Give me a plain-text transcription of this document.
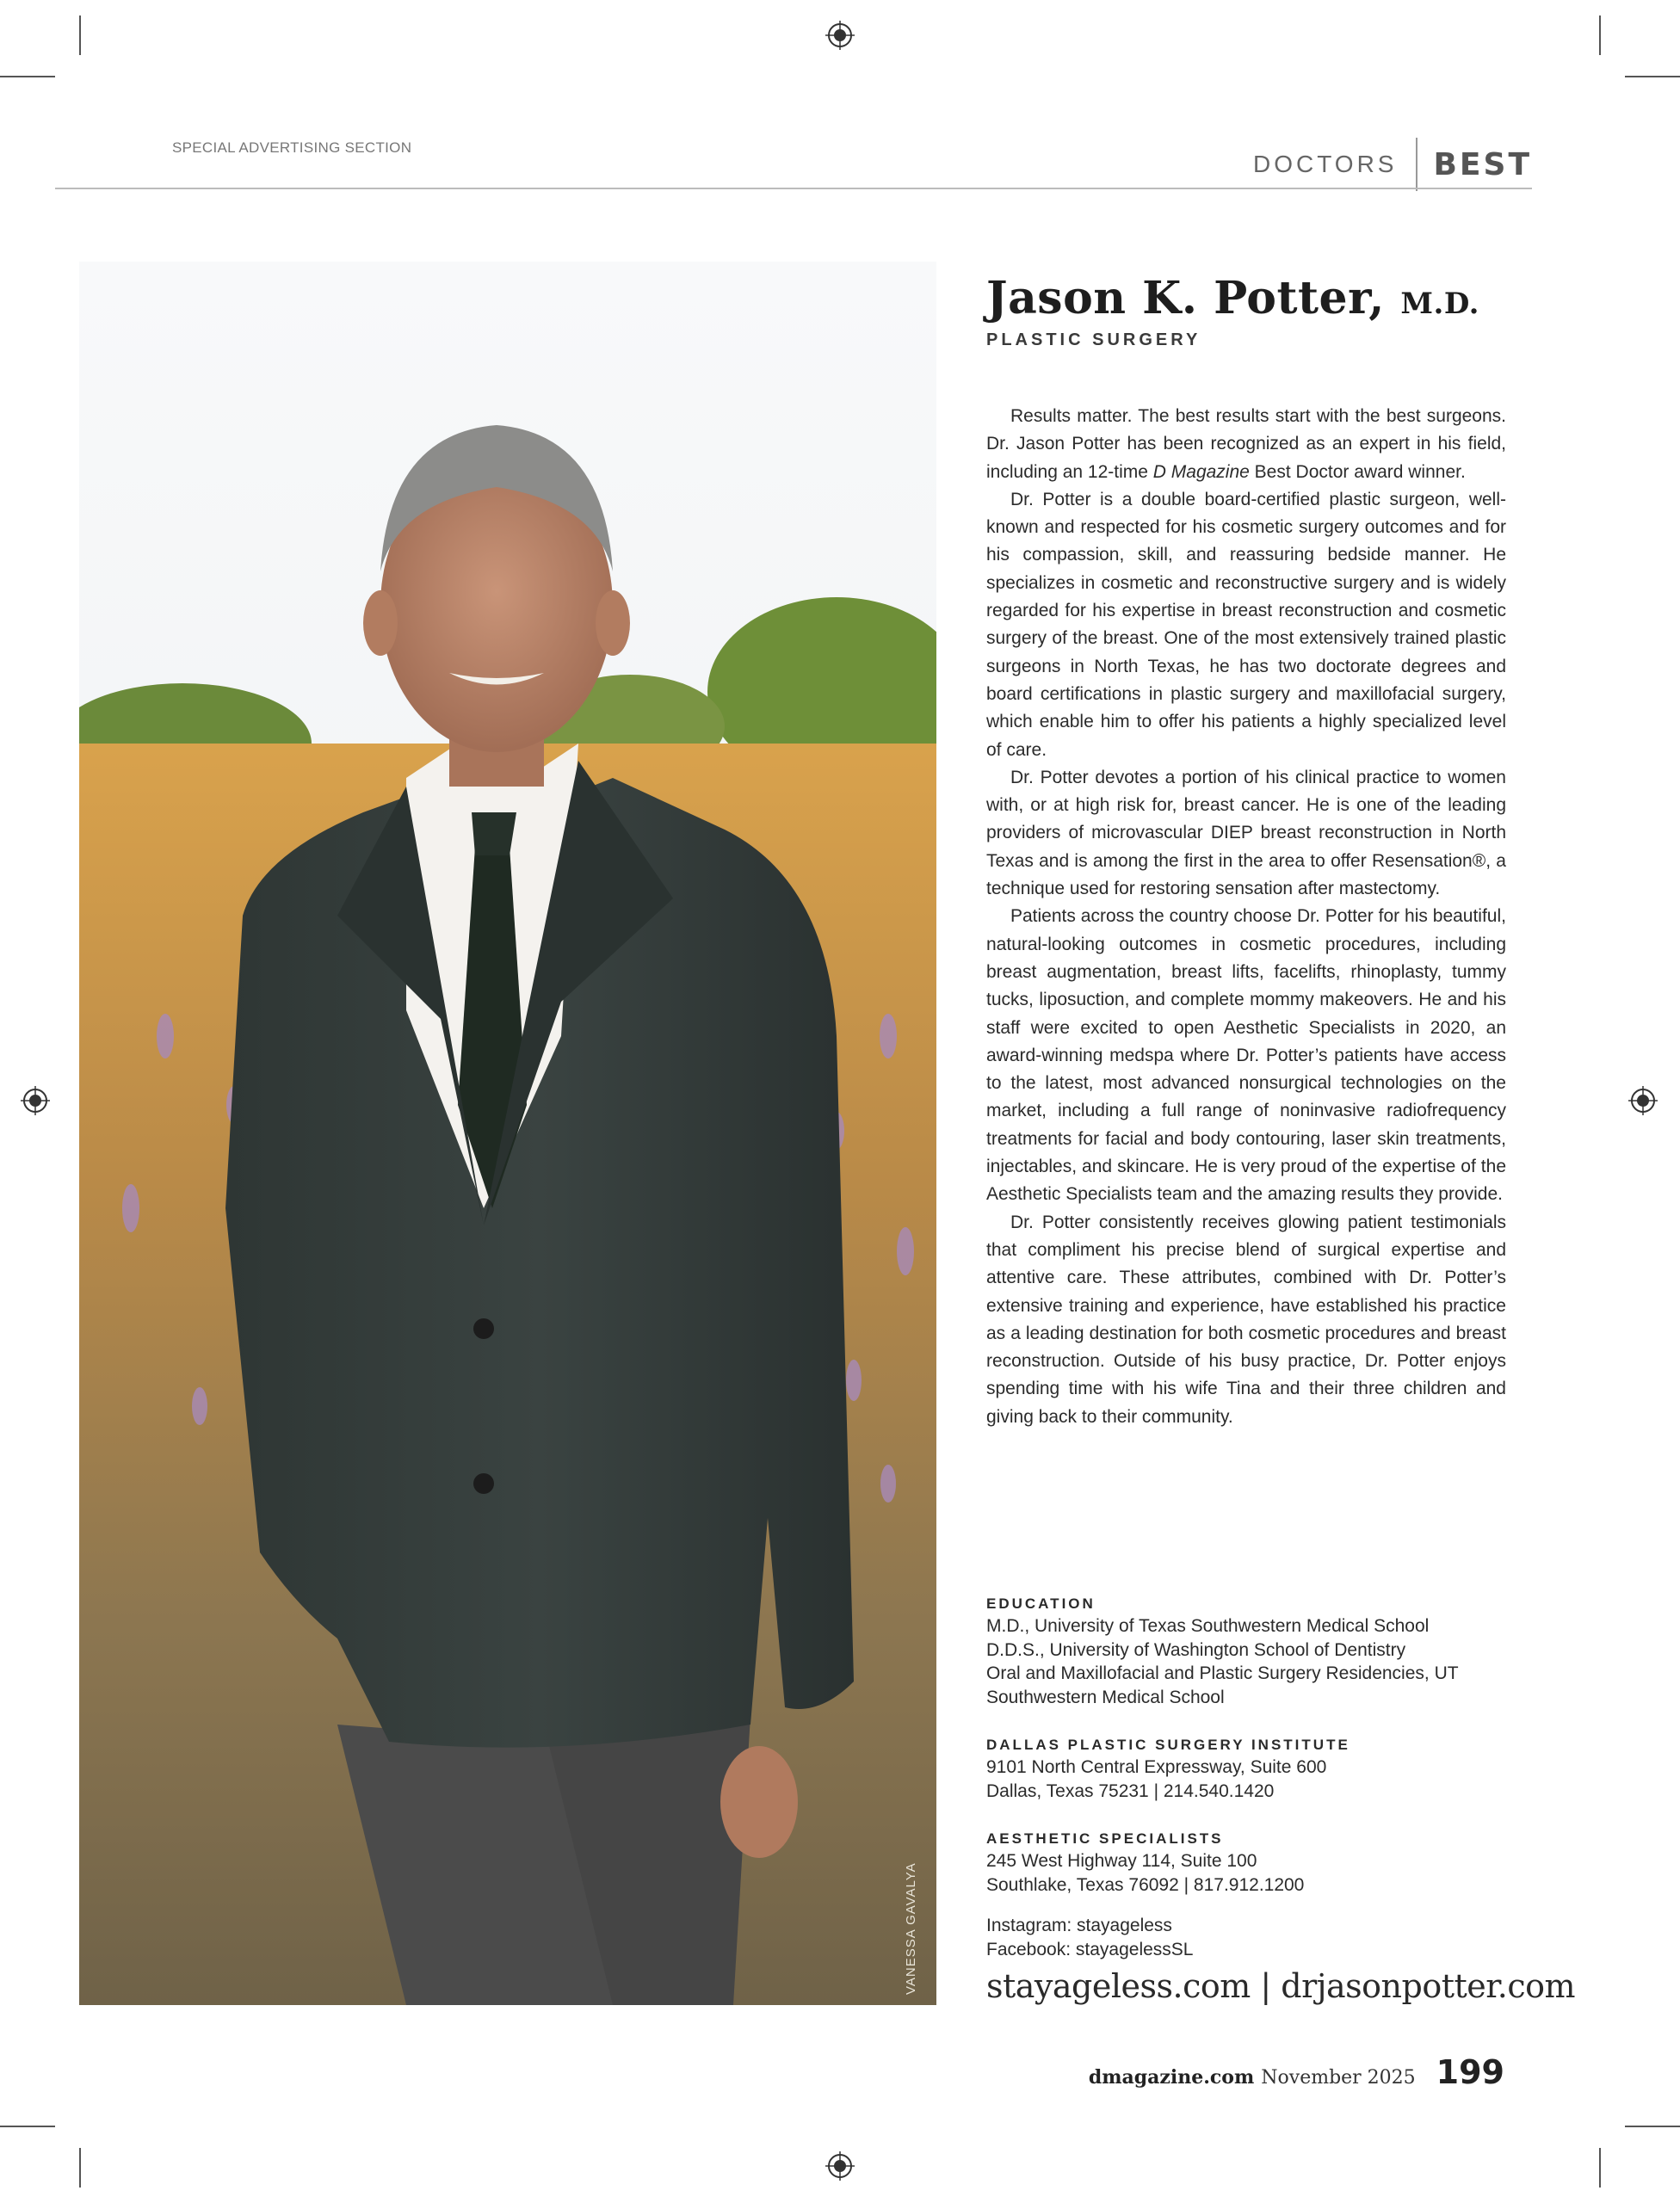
SPECIAL ADVERTISING SECTION
DOCTORS	BEST
VANESSA GAVALYA
Jason K. Potter, M.D.
PLASTIC SURGERY

Results matter. The best results start with the best surgeons. Dr. Jason Potter has been recognized as an expert in his field, including an 12-time D Magazine Best Doctor award winner.

Dr. Potter is a double board-certified plastic surgeon, well-known and respected for his cosmetic surgery outcomes and for his compassion, skill, and reassuring bedside manner. He specializes in cosmetic and reconstructive surgery and is widely regarded for his expertise in breast reconstruction and cosmetic surgery of the breast. One of the most extensively trained plastic surgeons in North Texas, he has two doctorate degrees and board certifications in plastic surgery and maxillofacial surgery, which enable him to offer his patients a highly specialized level of care.

Dr. Potter devotes a portion of his clinical practice to women with, or at high risk for, breast cancer. He is one of the leading providers of microvascular DIEP breast reconstruction in North Texas and is among the first in the area to offer Resensation®, a technique used for restoring sensation after mastectomy.

Patients across the country choose Dr. Potter for his beautiful, natural-looking outcomes in cosmetic procedures, including breast augmentation, breast lifts, facelifts, rhinoplasty, tummy tucks, liposuction, and complete mommy makeovers. He and his staff were excited to open Aesthetic Specialists in 2020, an award-winning medspa where Dr. Potter’s patients have access to the latest, most advanced nonsurgical technologies on the market, including a full range of noninvasive radiofrequency treatments for facial and body contouring, laser skin treatments, injectables, and skincare. He is very proud of the expertise of the Aesthetic Specialists team and the amazing results they provide.

Dr. Potter consistently receives glowing patient testimonials that compliment his precise blend of surgical expertise and attentive care. These attributes, combined with Dr. Potter’s extensive training and experience, have established his practice as a leading destination for both cosmetic procedures and breast reconstruction. Outside of his busy practice, Dr. Potter enjoys spending time with his wife Tina and their three children and giving back to their community.

EDUCATION
M.D., University of Texas Southwestern Medical School
D.D.S., University of Washington School of Dentistry
Oral and Maxillofacial and Plastic Surgery Residencies, UT Southwestern Medical School
DALLAS PLASTIC SURGERY INSTITUTE
9101 North Central Expressway, Suite 600
Dallas, Texas 75231 | 214.540.1420
AESTHETIC SPECIALISTS
245 West Highway 114, Suite 100
Southlake, Texas 76092 | 817.912.1200
Instagram: stayageless
Facebook: stayagelessSL
stayageless.com | drjasonpotter.com
dmagazine.com November 2025 199
